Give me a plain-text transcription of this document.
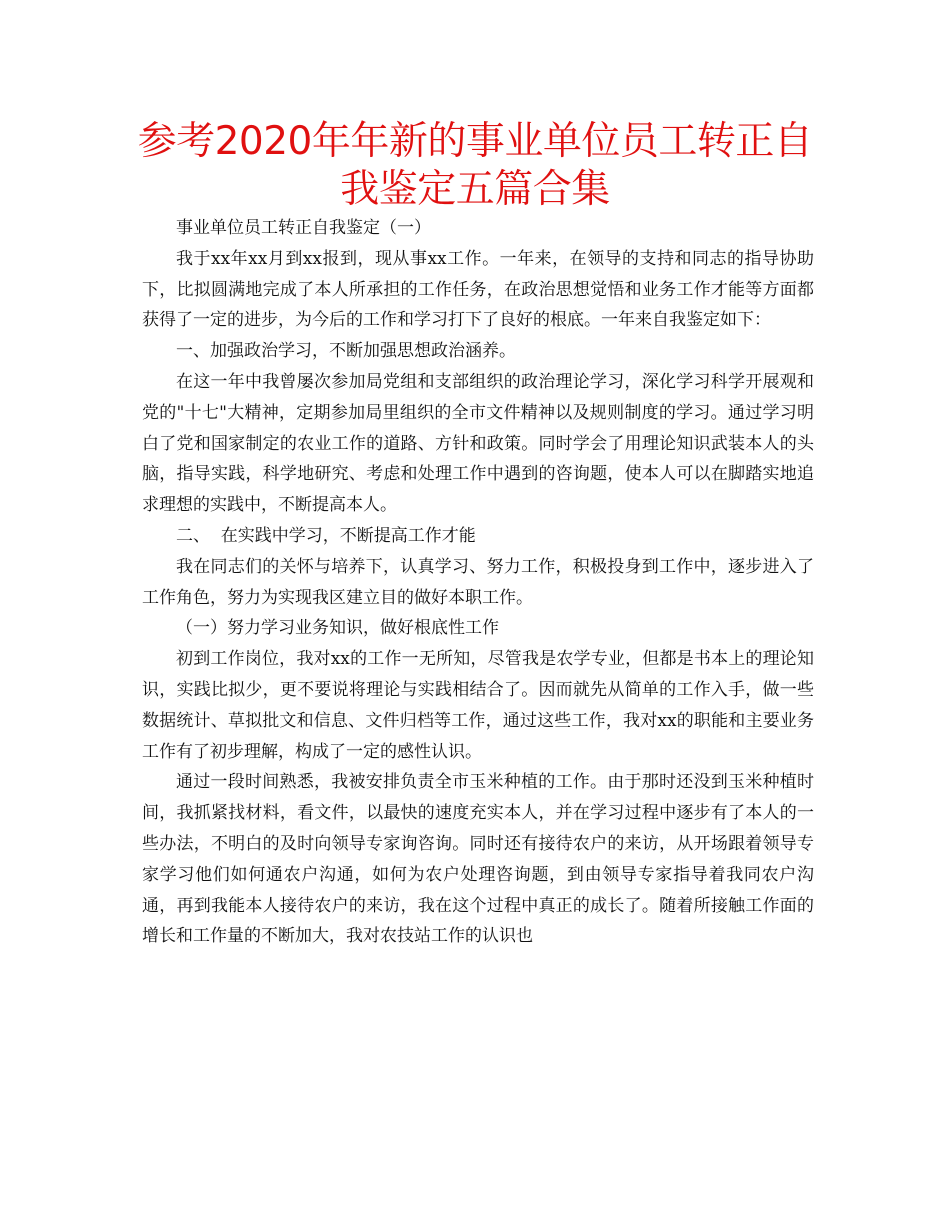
参考2020年年新的事业单位员工转正自我鉴定五篇合集

事业单位员工转正自我鉴定（一）

我于xx年xx月到xx报到，现从事xx工作。一年来，在领导的支持和同志的指导协助下，比拟圆满地完成了本人所承担的工作任务，在政治思想觉悟和业务工作才能等方面都获得了一定的进步，为今后的工作和学习打下了良好的根底。一年来自我鉴定如下：

一、加强政治学习，不断加强思想政治涵养。

在这一年中我曾屡次参加局党组和支部组织的政治理论学习，深化学习科学开展观和党的"十七"大精神，定期参加局里组织的全市文件精神以及规则制度的学习。通过学习明白了党和国家制定的农业工作的道路、方针和政策。同时学会了用理论知识武装本人的头脑，指导实践，科学地研究、考虑和处理工作中遇到的咨询题，使本人可以在脚踏实地追求理想的实践中，不断提高本人。

二、  在实践中学习，不断提高工作才能

我在同志们的关怀与培养下，认真学习、努力工作，积极投身到工作中，逐步进入了工作角色，努力为实现我区建立目的做好本职工作。

（一）努力学习业务知识，做好根底性工作

初到工作岗位，我对xx的工作一无所知，尽管我是农学专业，但都是书本上的理论知识，实践比拟少，更不要说将理论与实践相结合了。因而就先从简单的工作入手，做一些数据统计、草拟批文和信息、文件归档等工作，通过这些工作，我对xx的职能和主要业务工作有了初步理解，构成了一定的感性认识。

通过一段时间熟悉，我被安排负责全市玉米种植的工作。由于那时还没到玉米种植时间，我抓紧找材料，看文件，以最快的速度充实本人，并在学习过程中逐步有了本人的一些办法，不明白的及时向领导专家询咨询。同时还有接待农户的来访，从开场跟着领导专家学习他们如何通农户沟通，如何为农户处理咨询题，到由领导专家指导着我同农户沟通，再到我能本人接待农户的来访，我在这个过程中真正的成长了。随着所接触工作面的增长和工作量的不断加大，我对农技站工作的认识也
